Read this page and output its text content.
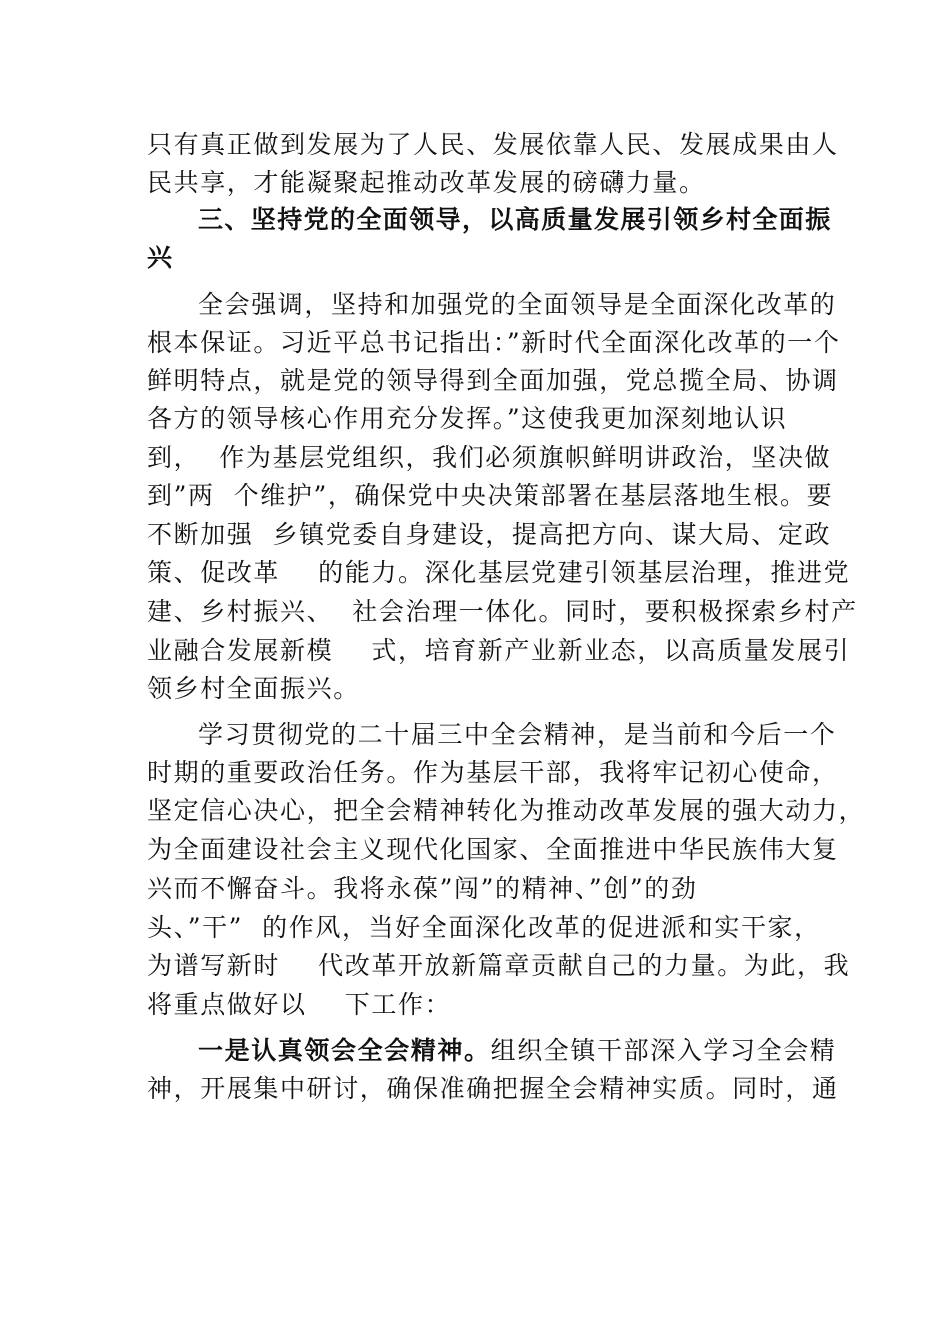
只有真正做到发展为了人民、发展依靠人民、发展成果由人
民共享，才能凝聚起推动改革发展的磅礴力量。
三、坚持党的全面领导，以高质量发展引领乡村全面振
兴
全会强调，坚持和加强党的全面领导是全面深化改革的
根本保证。习近平总书记指出：”新时代全面深化改革的一个
鲜明特点，就是党的领导得到全面加强，党总揽全局、协调
各方的领导核心作用充分发挥。”这使我更加深刻地认识
到，  作为基层党组织，我们必须旗帜鲜明讲政治，坚决做
到”两  个维护”，确保党中央决策部署在基层落地生根。要
不断加强  乡镇党委自身建设，提高把方向、谋大局、定政
策、促改革    的能力。深化基层党建引领基层治理，推进党
建、乡村振兴、  社会治理一体化。同时，要积极探索乡村产
业融合发展新模    式，培育新产业新业态，以高质量发展引
领乡村全面振兴。
学习贯彻党的二十届三中全会精神，是当前和今后一个
时期的重要政治任务。作为基层干部，我将牢记初心使命，
坚定信心决心，把全会精神转化为推动改革发展的强大动力，
为全面建设社会主义现代化国家、全面推进中华民族伟大复
兴而不懈奋斗。我将永葆”闯”的精神、”创”的劲
头、”干”  的作风，当好全面深化改革的促进派和实干家，
为谱写新时    代改革开放新篇章贡献自己的力量。为此，我
将重点做好以    下工作：
一是认真领会全会精神。组织全镇干部深入学习全会精
神，开展集中研讨，确保准确把握全会精神实质。同时，通
